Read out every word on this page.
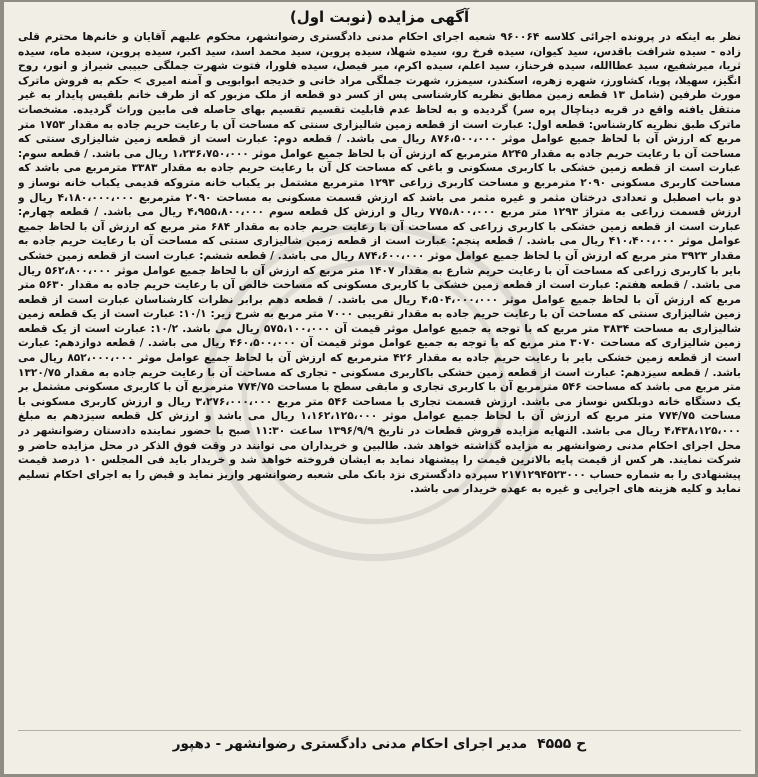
آگهی مزایده (نوبت اول)

نظر به اینکه در پرونده اجرائی کلاسه ۹۶۰۰۶۴ شعبه اجرای احکام مدنی دادگستری رضوانشهر، محکوم علیهم آقایان و خانم‌ها محترم قلی زاده - سیده شرافت باقدس، سید کیوان، سیده فرخ رو، سیده شهلا، سیده پروین، سید محمد اسد، سید اکبر، سیده پروین، سیده ماه، سیده ثریا، میرشفیع، سید عطاالله، سیده فرحناز، سید اعلم، سیده اکرم، میر فیصل، سیده فلورا، فتوت شهرت جملگی حبیبی شیراز و انور، روح انگیز، سهیلا، پویا، کشاورز، شهره زهره، اسکندر، سیمزر، شهرت جملگی مراد خانی و خدیجه ابوابویی و آمنه امیری > حکم به فروش ماترک مورث طرفین (شامل ۱۳ قطعه زمین مطابق نظریه کارشناسی پس از کسر دو قطعه از ملک مزبور که از طرف خانم بلقیس پایدار به غیر منتقل یافته واقع در قریه دیناچال پره سر) گردیده و به لحاظ عدم قابلیت تقسیم تقسیم بهای حاصله فی مابین وراث گردیده. مشخصات ماترک طبق نظریه کارشناس: قطعه اول: عبارت است از قطعه زمین شالیزاری سنتی که مساحت آن با رعایت حریم جاده به مقدار ۱۷۵۳ متر مربع که ارزش آن با لحاظ جمیع عوامل موثر ۸۷۶،۵۰۰،۰۰۰ ریال می باشد. / قطعه دوم: عبارت است از قطعه زمین شالیزاری سنتی که مساحت آن با رعایت حریم جاده به مقدار ۸۲۴۵ مترمربع که ارزش آن با لحاظ جمیع عوامل موثر ۱،۲۳۶،۷۵۰،۰۰۰ ریال می باشد. / قطعه سوم: عبارت است از قطعه زمین خشکی با کاربری مسکونی و باغی که مساحت کل آن با رعایت حریم جاده به مقدار ۳۳۸۳ مترمربع می باشد که مساحت کاربری مسکونی ۲۰۹۰ مترمربع و مساحت کاربری زراعی ۱۲۹۳ مترمربع مشتمل بر یکباب خانه متروکه قدیمی یکباب خانه نوساز و دو باب اصطبل و تعدادی درختان مثمر و غیره مثمر می باشد که ارزش قسمت مسکونی به مساحت ۲۰۹۰ مترمربع ۴،۱۸۰،۰۰۰،۰۰۰ ریال و ارزش قسمت زراعی به متراژ ۱۲۹۳ متر مربع ۷۷۵،۸۰۰،۰۰۰ ریال و ارزش کل قطعه سوم ۴،۹۵۵،۸۰۰،۰۰۰ ریال می باشد. / قطعه چهارم: عبارت است از قطعه زمین خشکی با کاربری زراعی که مساحت آن با رعایت حریم جاده به مقدار ۶۸۴ متر مربع که ارزش آن با لحاظ جمیع عوامل موثر ۴۱۰،۴۰۰،۰۰۰ ریال می باشد. / قطعه پنجم: عبارت است از قطعه زمین شالیزاری سنتی که مساحت آن با رعایت حریم جاده به مقدار ۳۹۲۳ متر مربع که ارزش آن با لحاظ جمیع عوامل موثر ۸۷۴،۶۰۰،۰۰۰ ریال می باشد. / قطعه ششم: عبارت است از قطعه زمین خشکی بایر با کاربری زراعی که مساحت آن با رعایت حریم شارع به مقدار ۱۴۰۷ متر مربع که ارزش آن با لحاظ جمیع عوامل موثر ۵۶۲،۸۰۰،۰۰۰ ریال می باشد. / قطعه هفتم: عبارت است از قطعه زمین خشکی با کاربری مسکونی که مساحت خالص آن با رعایت حریم جاده به مقدار ۵۶۳۰ متر مربع که ارزش آن با لحاظ جمیع عوامل موثر ۴،۵۰۴،۰۰۰،۰۰۰ ریال می باشد. / قطعه دهم برابر نظرات کارشناسان عبارت است از قطعه زمین شالیزاری سنتی که مساحت آن با رعایت حریم جاده به مقدار تقریبی ۷۰۰۰ متر مربع به شرح زیر: ۱۰/۱: عبارت است از یک قطعه زمین شالیزاری به مساحت ۳۸۳۴ متر مربع که با توجه به جمیع عوامل موثر قیمت آن ۵۷۵،۱۰۰،۰۰۰ ریال می باشد. ۱۰/۲: عبارت است از یک قطعه زمین شالیزاری که مساحت ۳۰۷۰ متر مربع که با توجه به جمیع عوامل موثر قیمت آن ۴۶۰،۵۰۰،۰۰۰ ریال می باشد. / قطعه دوازدهم: عبارت است از قطعه زمین خشکی بایر با رعایت حریم جاده به مقدار ۴۲۶ مترمربع که ارزش آن با لحاظ جمیع عوامل موثر ۸۵۲،۰۰۰،۰۰۰ ریال می باشد. / قطعه سیزدهم: عبارت است از قطعه زمین خشکی باکاربری مسکونی - تجاری که مساحت آن با رعایت حریم جاده به مقدار ۱۳۲۰/۷۵ متر مربع می باشد که مساحت ۵۴۶ مترمربع آن با کاربری تجاری و مابقی سطح با مساحت ۷۷۴/۷۵ مترمربع آن با کاربری مسکونی مشتمل بر یک دستگاه خانه دوبلکس نوساز می باشد. ارزش قسمت تجاری با مساحت ۵۴۶ متر مربع ۳،۲۷۶،۰۰۰،۰۰۰ ریال و ارزش کاربری مسکونی با مساحت ۷۷۴/۷۵ متر مربع که ارزش آن با لحاظ جمیع عوامل موثر ۱،۱۶۲،۱۲۵،۰۰۰ ریال می باشد و ارزش کل قطعه سیزدهم به مبلغ ۴،۴۳۸،۱۲۵،۰۰۰ ریال می باشد. النهایه مزایده فروش قطعات در تاریخ ۱۳۹۶/۹/۹ ساعت ۱۱:۳۰ صبح با حضور نماینده دادستان رضوانشهر در محل اجرای احکام مدنی رضوانشهر به مزایده گذاشته خواهد شد. طالبین و خریداران می توانند در وقت فوق الذکر در محل مزایده حاضر و شرکت نمایند. هر کس از قیمت پایه بالاترین قیمت را پیشنهاد نماید به ایشان فروخته خواهد شد و خریدار باید فی المجلس ۱۰ درصد قیمت پیشنهادی را به شماره حساب ۲۱۷۱۲۹۴۵۲۳۰۰۰ سپرده دادگستری نزد بانک ملی شعبه رضوانشهر واریز نماید و قبض را به اجرای احکام تسلیم نماید و کلیه هزینه های اجرایی و غیره به عهده خریدار می باشد.

ح ۴۵۵۵
مدیر اجرای احکام مدنی دادگستری رضوانشهر - دهپور
